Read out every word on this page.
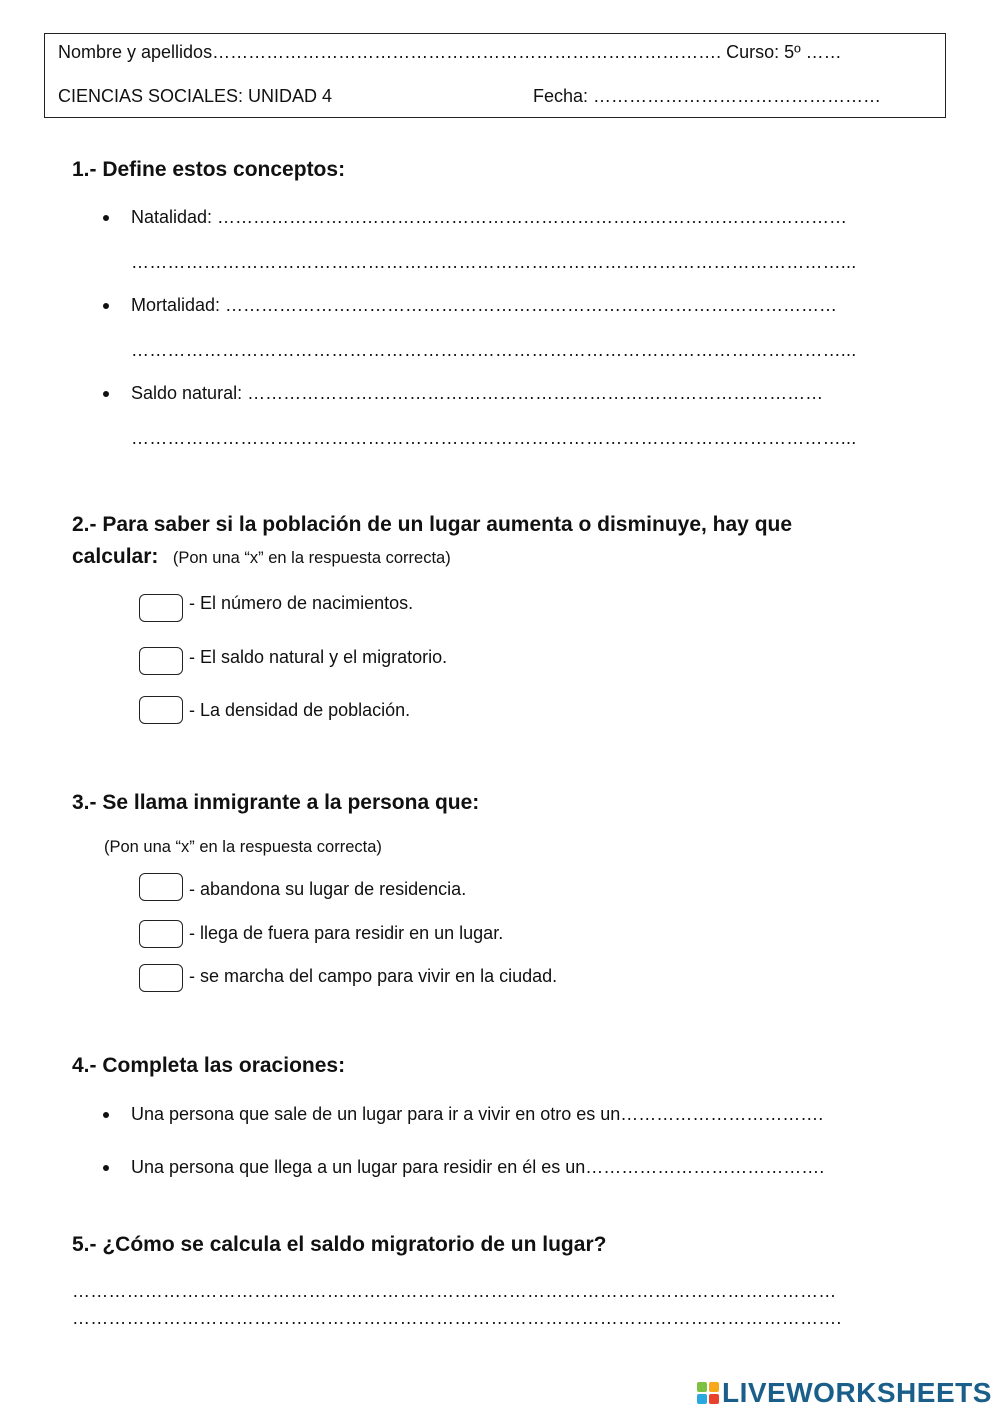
Nombre y apellidos…………………………………………………………………………. Curso: 5º ……
CIENCIAS SOCIALES: UNIDAD 4	Fecha: …………………………………………
1.- Define estos conceptos:
Natalidad: ……………………………………………………………………………………………
………………………………………………………………………………………………………...
Mortalidad: …………………………………………………………………………………………
………………………………………………………………………………………………………...
Saldo natural: ……………………………………………………………………………………
………………………………………………………………………………………………………...
2.- Para saber si la población de un lugar aumenta o disminuye, hay que
calcular: (Pon una “x” en la respuesta correcta)
- El número de nacimientos.
- El saldo natural y el migratorio.
- La densidad de población.
3.- Se llama inmigrante a la persona que:
(Pon una “x” en la respuesta correcta)
- abandona su lugar de residencia.
- llega de fuera para residir en un lugar.
- se marcha del campo para vivir en la ciudad.
4.- Completa las oraciones:
Una persona que sale de un lugar para ir a vivir en otro es un…………………………….
Una persona que llega a un lugar para residir en él es un………………………………….
5.- ¿Cómo se calcula el saldo migratorio de un lugar?
………………………………………………………………………………………………………………
……………………………………………………………………………………………………………….
LIVEWORKSHEETS
